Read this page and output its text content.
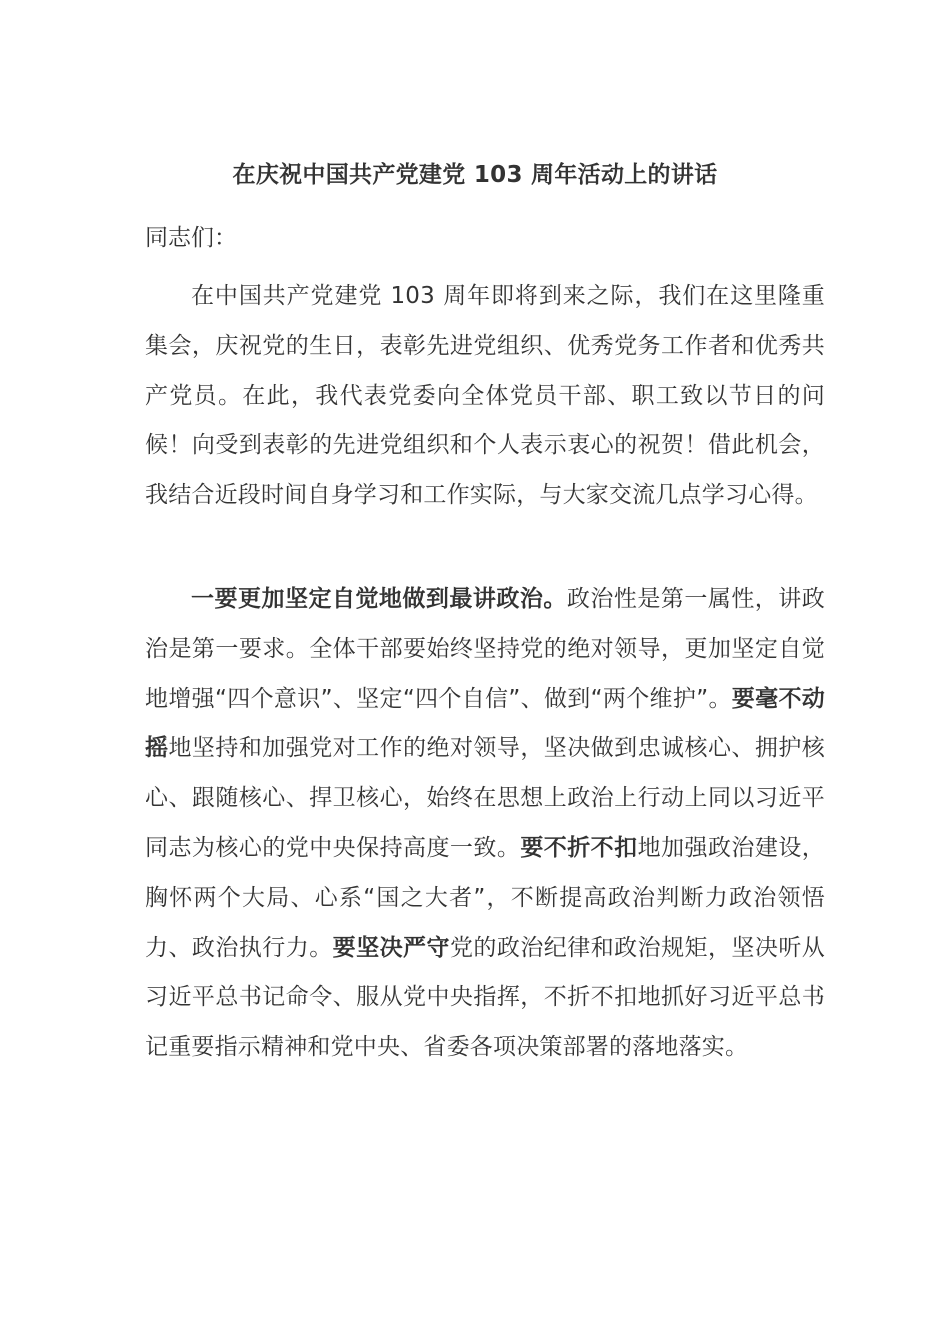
在庆祝中国共产党建党 103 周年活动上的讲话
同志们：

在中国共产党建党 103 周年即将到来之际，我们在这里隆重集会，庆祝党的生日，表彰先进党组织、优秀党务工作者和优秀共产党员。在此，我代表党委向全体党员干部、职工致以节日的问候！向受到表彰的先进党组织和个人表示衷心的祝贺！借此机会，我结合近段时间自身学习和工作实际，与大家交流几点学习心得。

一要更加坚定自觉地做到最讲政治。政治性是第一属性，讲政治是第一要求。全体干部要始终坚持党的绝对领导，更加坚定自觉地增强“四个意识”、坚定“四个自信”、做到“两个维护”。要毫不动摇地坚持和加强党对工作的绝对领导，坚决做到忠诚核心、拥护核心、跟随核心、捍卫核心，始终在思想上政治上行动上同以习近平同志为核心的党中央保持高度一致。要不折不扣地加强政治建设，胸怀两个大局、心系“国之大者”，不断提高政治判断力政治领悟力、政治执行力。要坚决严守党的政治纪律和政治规矩，坚决听从习近平总书记命令、服从党中央指挥，不折不扣地抓好习近平总书记重要指示精神和党中央、省委各项决策部署的落地落实。
